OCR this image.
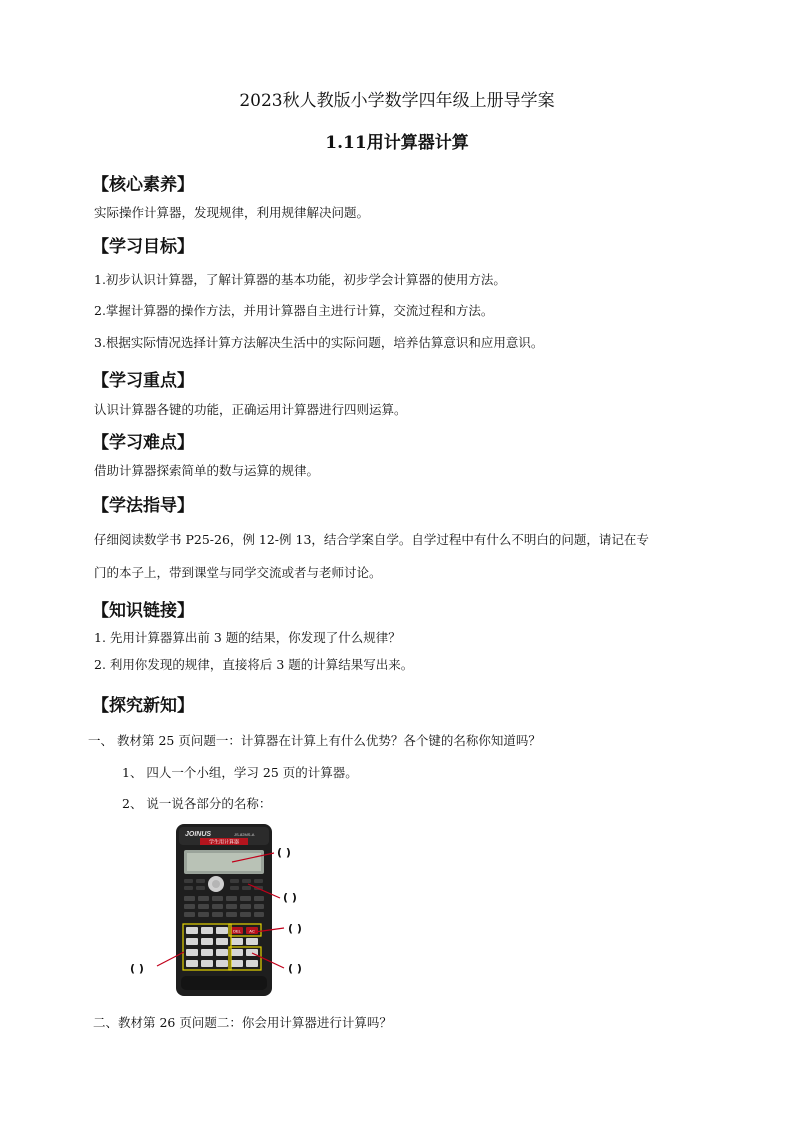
2023秋人教版小学数学四年级上册导学案
1.11用计算器计算
【核心素养】
实际操作计算器，发现规律，利用规律解决问题。
【学习目标】
1.初步认识计算器，了解计算器的基本功能，初步学会计算器的使用方法。
2.掌握计算器的操作方法，并用计算器自主进行计算，交流过程和方法。
3.根据实际情况选择计算方法解决生活中的实际问题，培养估算意识和应用意识。
【学习重点】
认识计算器各键的功能，正确运用计算器进行四则运算。
【学习难点】
借助计算器探索简单的数与运算的规律。
【学法指导】
仔细阅读数学书 P25-26，例 12-例 13，结合学案自学。自学过程中有什么不明白的问题，请记在专
门的本子上，带到课堂与同学交流或者与老师讨论。
【知识链接】
1. 先用计算器算出前 3 题的结果，你发现了什么规律？
2. 利用你发现的规律，直接将后 3 题的计算结果写出来。
【探究新知】
一、 教材第 25 页问题一：计算器在计算上有什么优势？各个键的名称你知道吗？
1、 四人一个小组，学习 25 页的计算器。
2、 说一说各部分的名称：
JOINUS	JS-82MS-A
学生用计算器
DEL AC
( )
( )
( )
( )	( )
二、教材第 26 页问题二：你会用计算器进行计算吗？
